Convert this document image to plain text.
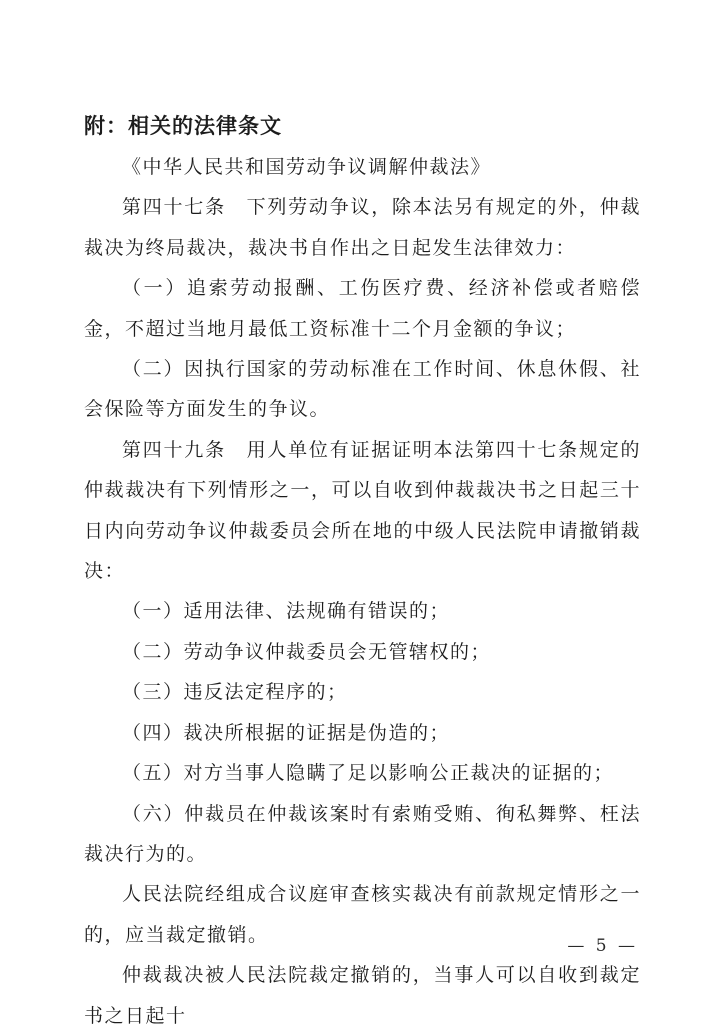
附：相关的法律条文

《中华人民共和国劳动争议调解仲裁法》

第四十七条　下列劳动争议，除本法另有规定的外，仲裁裁决为终局裁决，裁决书自作出之日起发生法律效力：

（一）追索劳动报酬、工伤医疗费、经济补偿或者赔偿金，不超过当地月最低工资标准十二个月金额的争议；

（二）因执行国家的劳动标准在工作时间、休息休假、社会保险等方面发生的争议。

第四十九条　用人单位有证据证明本法第四十七条规定的仲裁裁决有下列情形之一，可以自收到仲裁裁决书之日起三十日内向劳动争议仲裁委员会所在地的中级人民法院申请撤销裁决：

（一）适用法律、法规确有错误的；

（二）劳动争议仲裁委员会无管辖权的；

（三）违反法定程序的；

（四）裁决所根据的证据是伪造的；

（五）对方当事人隐瞒了足以影响公正裁决的证据的；

（六）仲裁员在仲裁该案时有索贿受贿、徇私舞弊、枉法裁决行为的。

人民法院经组成合议庭审查核实裁决有前款规定情形之一的，应当裁定撤销。

仲裁裁决被人民法院裁定撤销的，当事人可以自收到裁定书之日起十

— 5 —
